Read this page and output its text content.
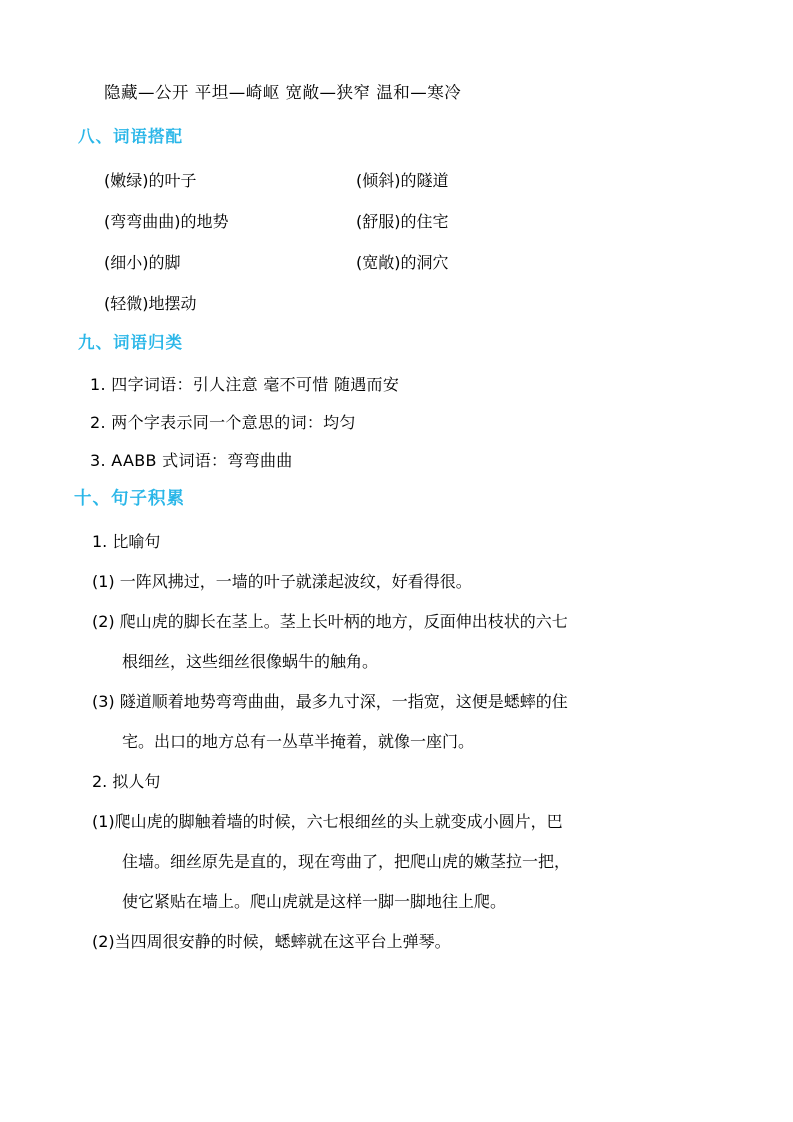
隐藏—公开 平坦—崎岖 宽敞—狭窄 温和—寒冷
八、词语搭配
(嫩绿)的叶子	(倾斜)的隧道
(弯弯曲曲)的地势	(舒服)的住宅
(细小)的脚	(宽敞)的洞穴
(轻微)地摆动
九、词语归类
1. 四字词语：引人注意 毫不可惜 随遇而安
2. 两个字表示同一个意思的词：均匀
3. AABB 式词语：弯弯曲曲
十、句子积累
1. 比喻句
(1) 一阵风拂过，一墙的叶子就漾起波纹，好看得很。
(2) 爬山虎的脚长在茎上。茎上长叶柄的地方，反面伸出枝状的六七
根细丝，这些细丝很像蜗牛的触角。
(3) 隧道顺着地势弯弯曲曲，最多九寸深，一指宽，这便是蟋蟀的住
宅。出口的地方总有一丛草半掩着，就像一座门。
2. 拟人句
(1)爬山虎的脚触着墙的时候，六七根细丝的头上就变成小圆片，巴
住墙。细丝原先是直的，现在弯曲了，把爬山虎的嫩茎拉一把，
使它紧贴在墙上。爬山虎就是这样一脚一脚地往上爬。
(2)当四周很安静的时候，蟋蟀就在这平台上弹琴。
